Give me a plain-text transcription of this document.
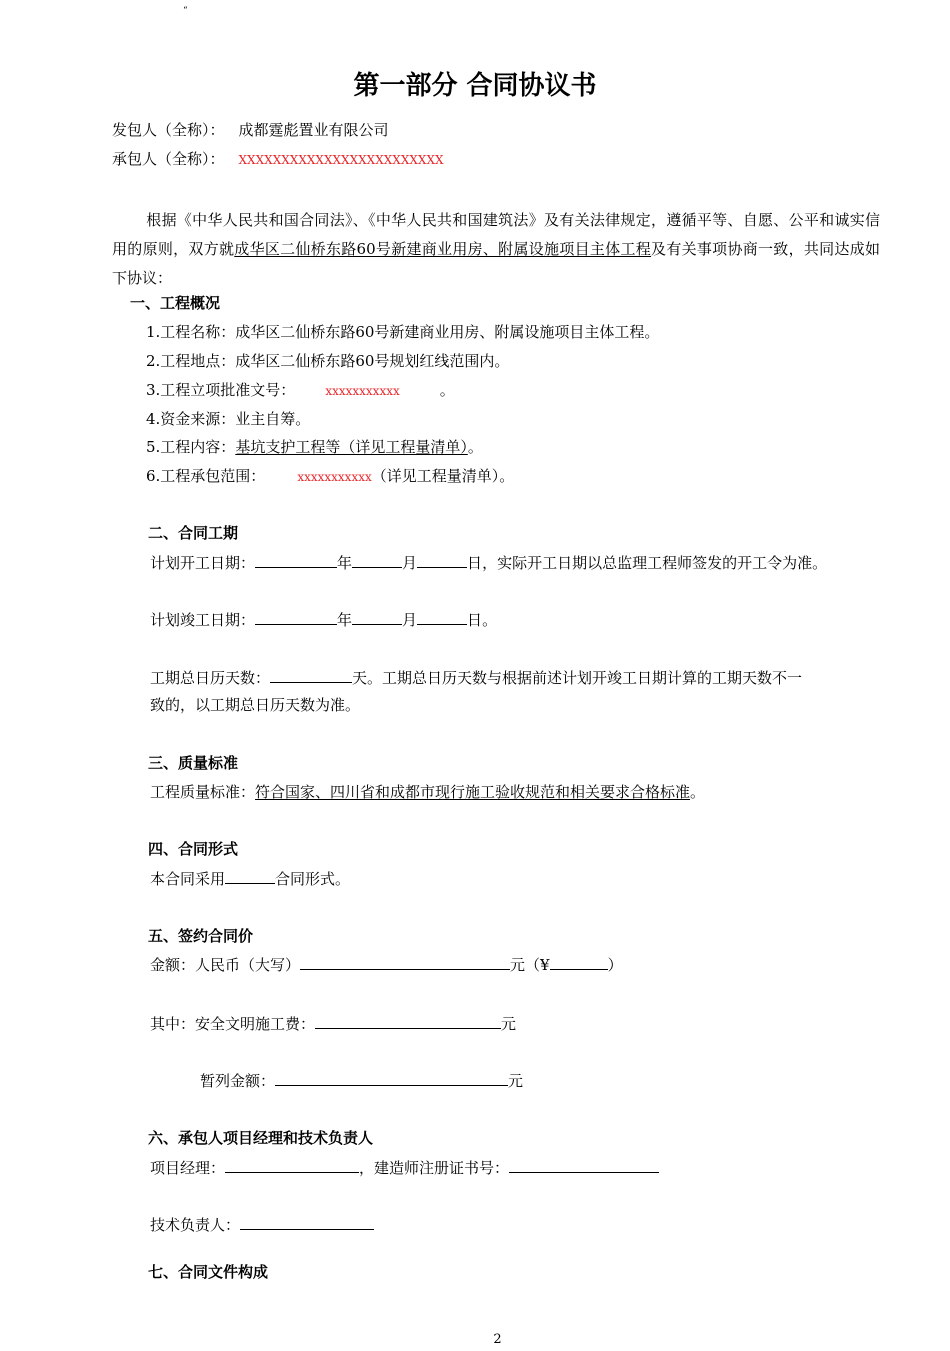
“
第一部分 合同协议书
发包人（全称）： 成都霆彪置业有限公司
承包人（全称）： XXXXXXXXXXXXXXXXXXXXXXXX
根据《中华人民共和国合同法》、《中华人民共和国建筑法》及有关法律规定，遵循平等、自愿、公平和诚实信用的原则，双方就成华区二仙桥东路60号新建商业用房、附属设施项目主体工程及有关事项协商一致，共同达成如下协议：
一、工程概况
1.工程名称：成华区二仙桥东路60号新建商业用房、附属设施项目主体工程。
2.工程地点：成华区二仙桥东路60号规划红线范围内。
3.工程立项批准文号：	xxxxxxxxxxx	。
4.资金来源：业主自筹。
5.工程内容：基坑支护工程等（详见工程量清单）。
6.工程承包范围：	xxxxxxxxxxx（详见工程量清单）。
二、合同工期
计划开工日期：	年	月	日，实际开工日期以总监理工程师签发的开工令为准。
计划竣工日期：	年	月	日。
工期总日历天数：	天。工期总日历天数与根据前述计划开竣工日期计算的工期天数不一
致的，以工期总日历天数为准。
三、质量标准
工程质量标准：符合国家、四川省和成都市现行施工验收规范和相关要求合格标准。
四、合同形式
本合同采用	合同形式。
五、签约合同价
金额：人民币（大写）	元（¥	）
其中：安全文明施工费：	元
暂列金额：	元
六、承包人项目经理和技术负责人
项目经理：	，建造师注册证书号：
技术负责人：
七、合同文件构成
2
